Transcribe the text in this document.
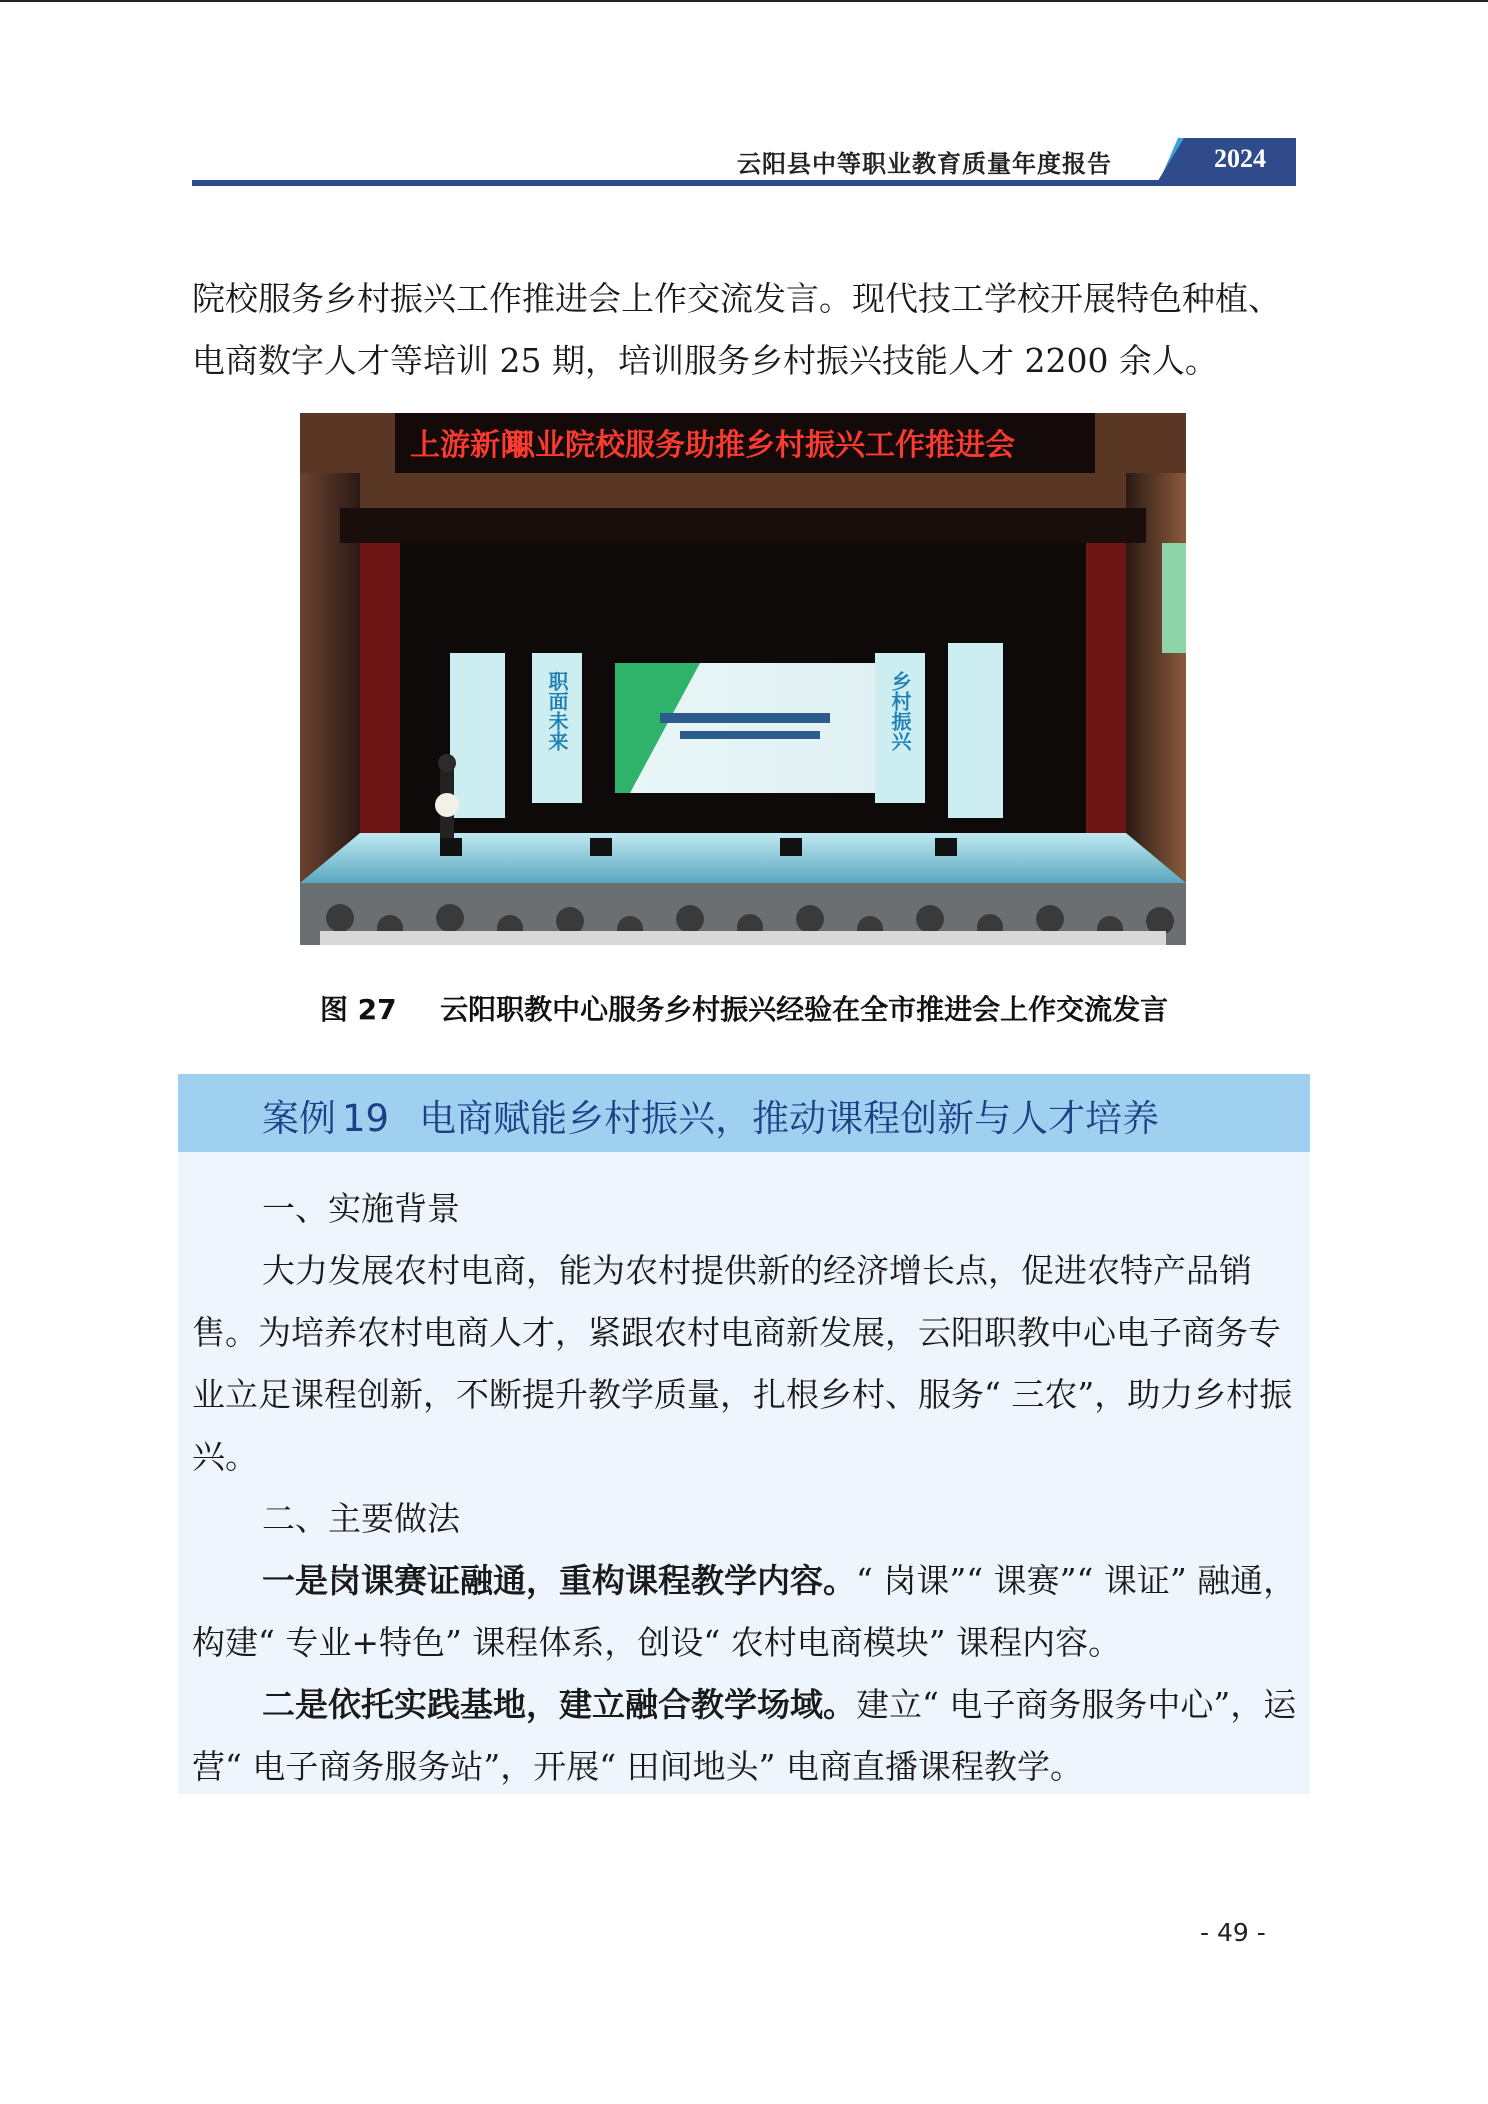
云阳县中等职业教育质量年度报告	2024

院校服务乡村振兴工作推进会上作交流发言。现代技工学校开展特色种植、

电商数字人才等培训 25 期，培训服务乡村振兴技能人才 2200 余人。

上游新闻
职业院校服务助推乡村振兴工作推进会
职面未来	乡村振兴
图 27 云阳职教中心服务乡村振兴经验在全市推进会上作交流发言
案例 19 电商赋能乡村振兴，推动课程创新与人才培养

一、实施背景

大力发展农村电商，能为农村提供新的经济增长点，促进农特产品销售。为培养农村电商人才，紧跟农村电商新发展，云阳职教中心电子商务专业立足课程创新，不断提升教学质量，扎根乡村、服务“ 三农”，助力乡村振兴。

二、主要做法

一是岗课赛证融通，重构课程教学内容。“ 岗课”“ 课赛”“ 课证” 融通，构建“ 专业+特色” 课程体系，创设“ 农村电商模块” 课程内容。

二是依托实践基地，建立融合教学场域。建立“ 电子商务服务中心”，运营“ 电子商务服务站”，开展“ 田间地头” 电商直播课程教学。

- 49 -
